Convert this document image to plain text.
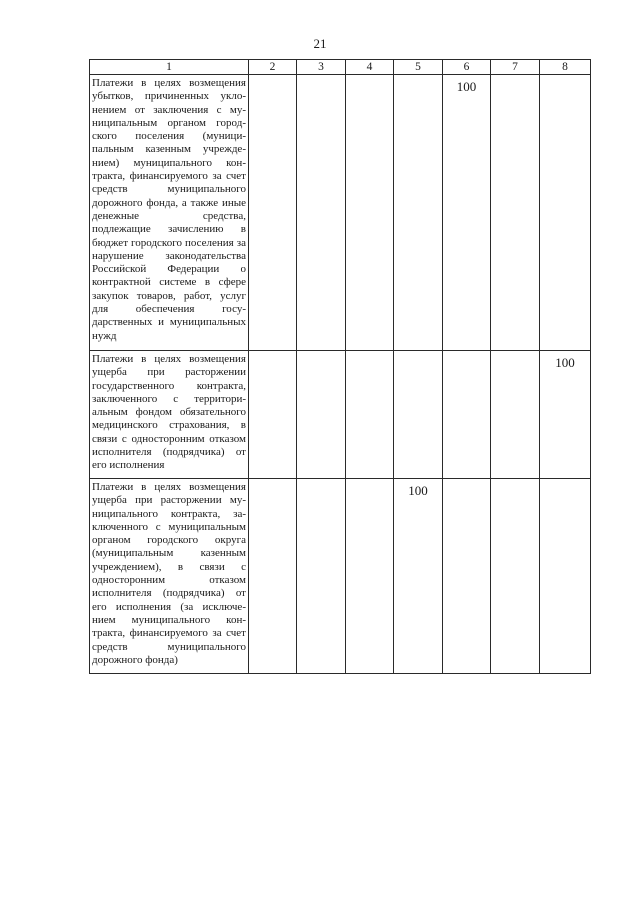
21
1	2	3	4	5	6	7	8
Платежи в целях возмещения убытков, причиненных уклонением от заключения с муниципальным органом городского поселения (муниципальным казенным учреждением) муниципального контракта, финансируемого за счет средств муниципального дорожного фонда, а также иные денежные средства, подлежащие зачислению в бюджет городского поселения за нарушение законодательства Российской Федерации о контрактной системе в сфере закупок товаров, работ, услуг для обеспечения государственных и муниципальных нужд					100		
Платежи в целях возмещения ущерба при расторжении государственного контракта, заключенного с территориальным фондом обязательного медицинского страхования, в связи с односторонним отказом исполнителя (подрядчика) от его исполнения							100
Платежи в целях возмещения ущерба при расторжении муниципального контракта, заключенного с муниципальным органом городского округа (муниципальным казенным учреждением), в связи с односторонним отказом исполнителя (подрядчика) от его исполнения (за исключением муниципального контракта, финансируемого за счет средств муниципального дорожного фонда)				100			
